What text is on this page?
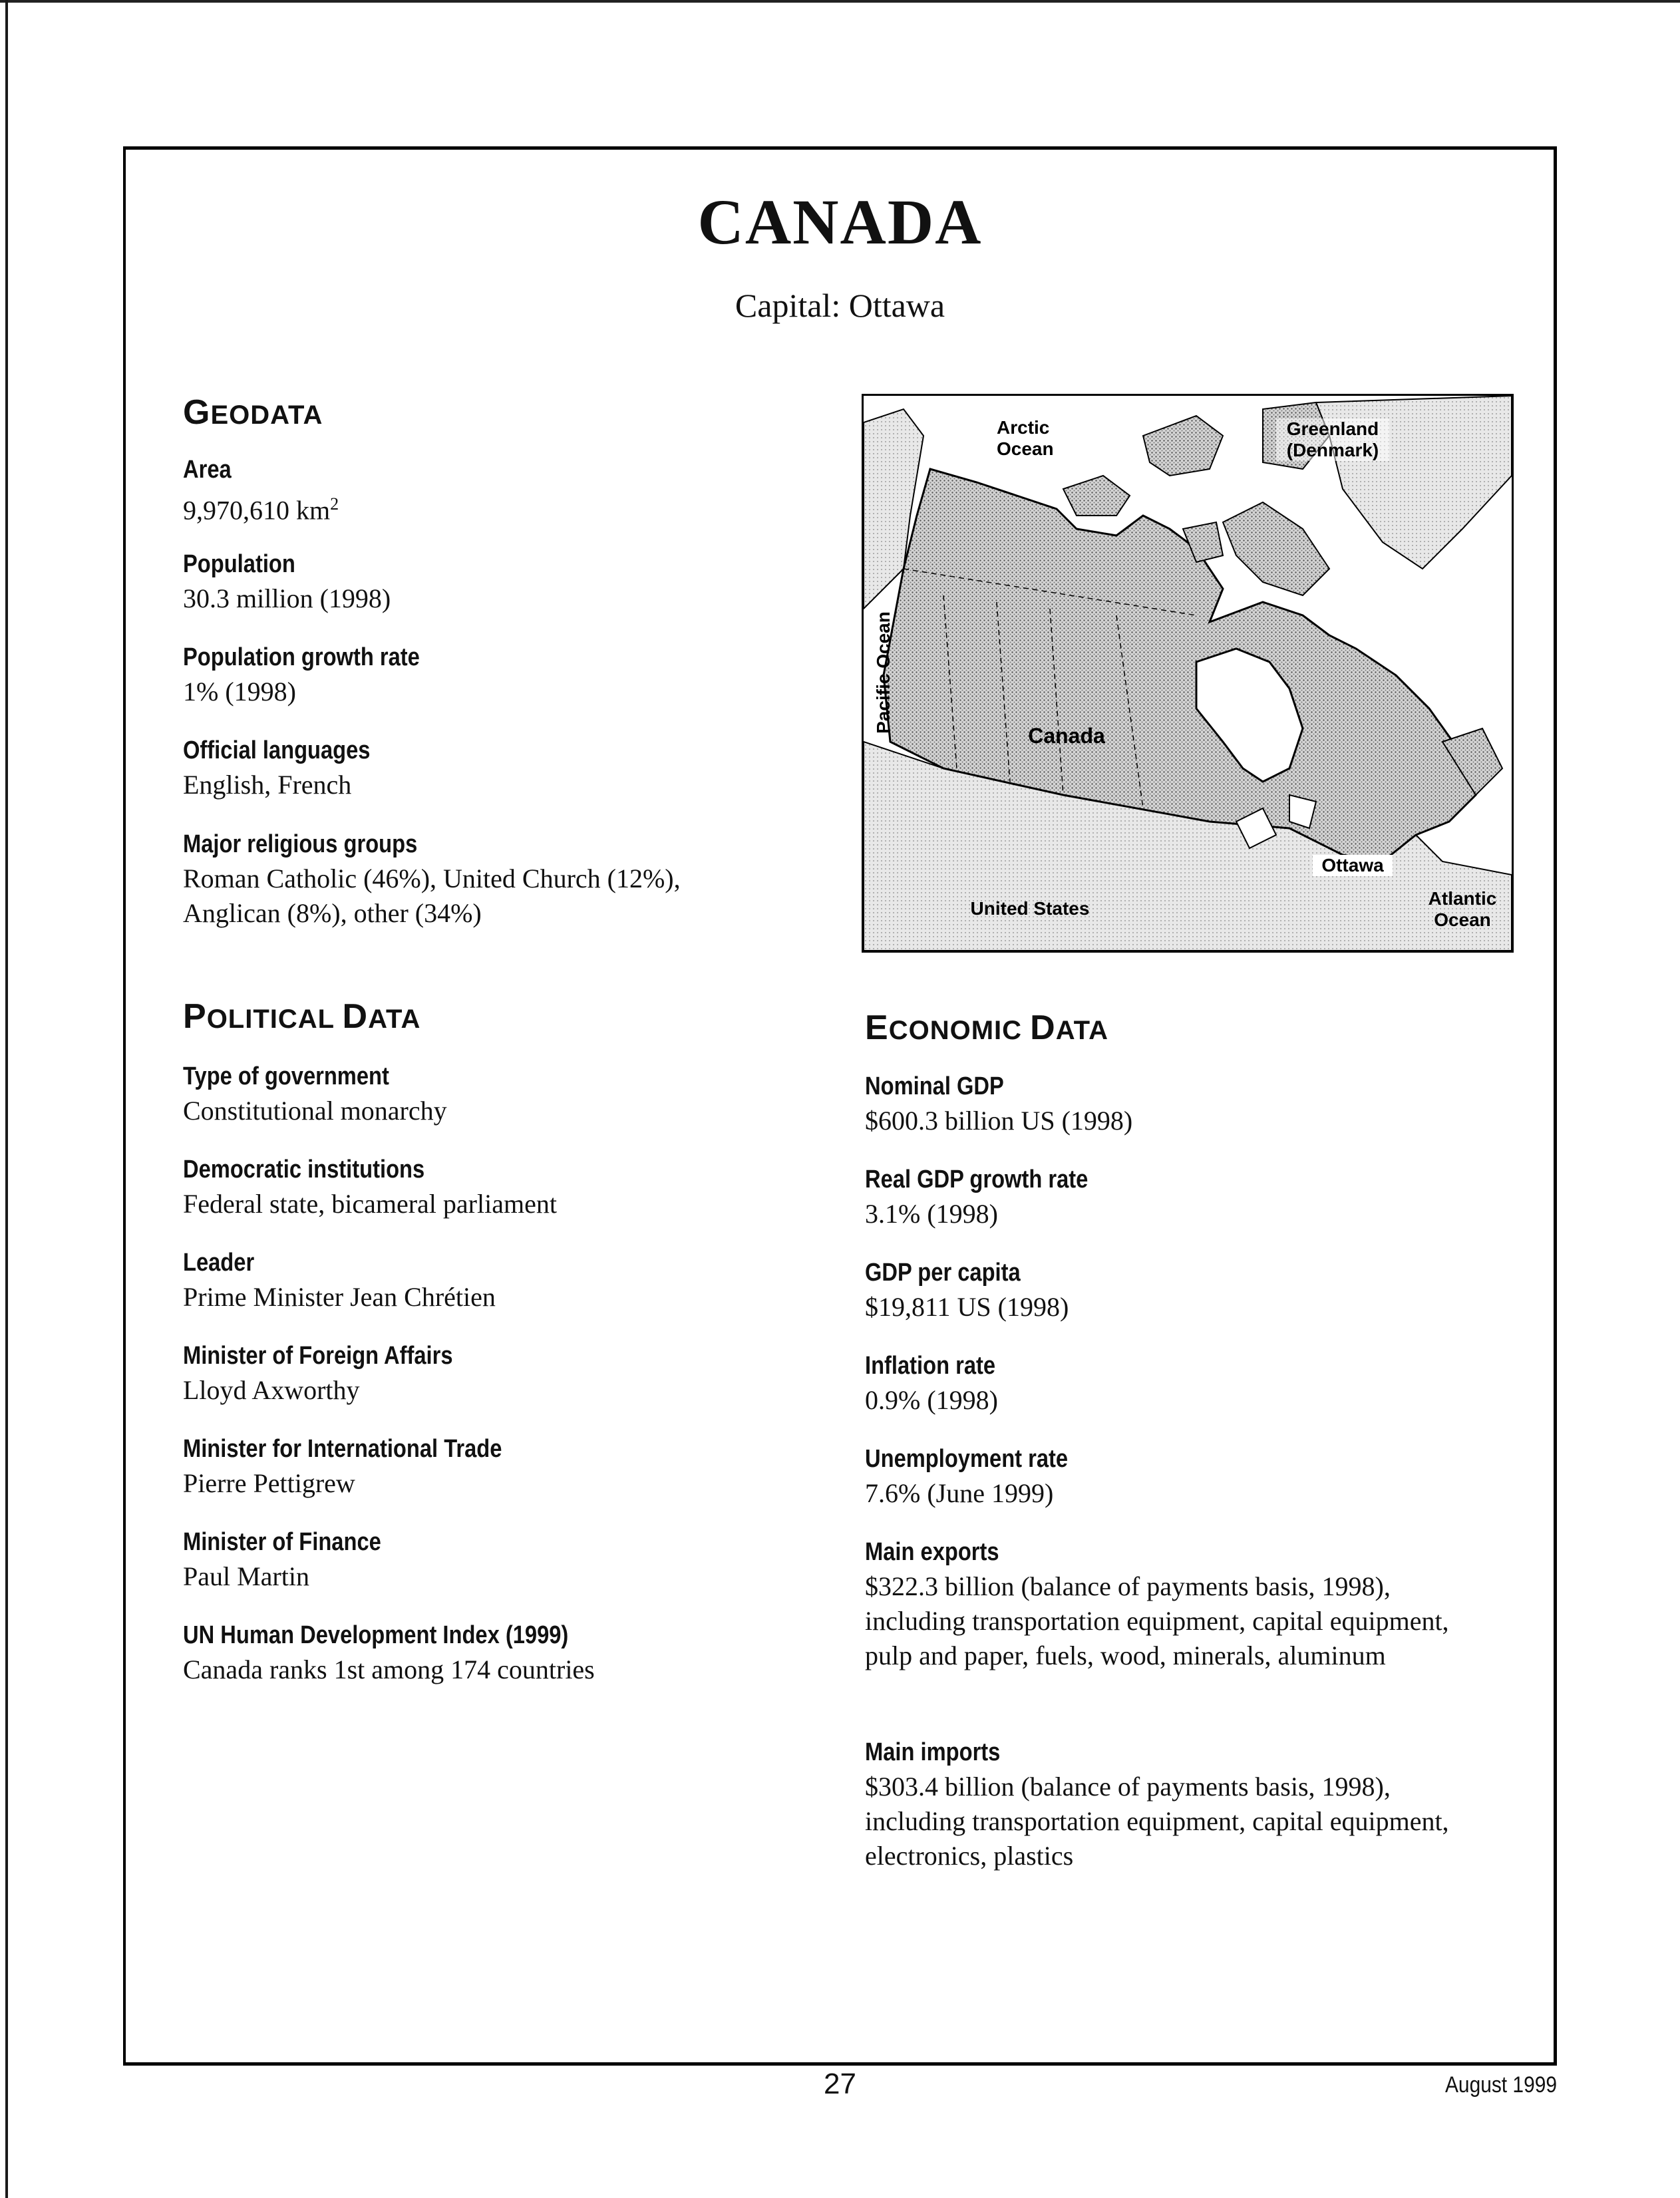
CANADA
Capital: Ottawa
GEODATA
Area
9,970,610 $km^2$
Population
30.3 million (1998)
Population growth rate
1% (1998)
Official languages
English, French
Major religious groups
Roman Catholic (46%), United Church (12%), Anglican (8%), other (34%)
POLITICAL DATA
Type of government
Constitutional monarchy
Democratic institutions
Federal state, bicameral parliament
Leader
Prime Minister Jean Chrétien
Minister of Foreign Affairs
Lloyd Axworthy
Minister for International Trade
Pierre Pettigrew
Minister of Finance
Paul Martin
UN Human Development Index (1999)
Canada ranks 1st among 174 countries
Arctic Ocean
Greenland (Denmark)
Pacific Ocean
Canada
Ottawa
United States	Atlantic Ocean
ECONOMIC DATA
Nominal GDP
$600.3 billion US (1998)
Real GDP growth rate
3.1% (1998)
GDP per capita
$19,811 US (1998)
Inflation rate
0.9% (1998)
Unemployment rate
7.6% (June 1999)
Main exports
$322.3 billion (balance of payments basis, 1998), including transportation equipment, capital equipment, pulp and paper, fuels, wood, minerals, aluminum
Main imports
$303.4 billion (balance of payments basis, 1998), including transportation equipment, capital equipment, electronics, plastics
27	August 1999
